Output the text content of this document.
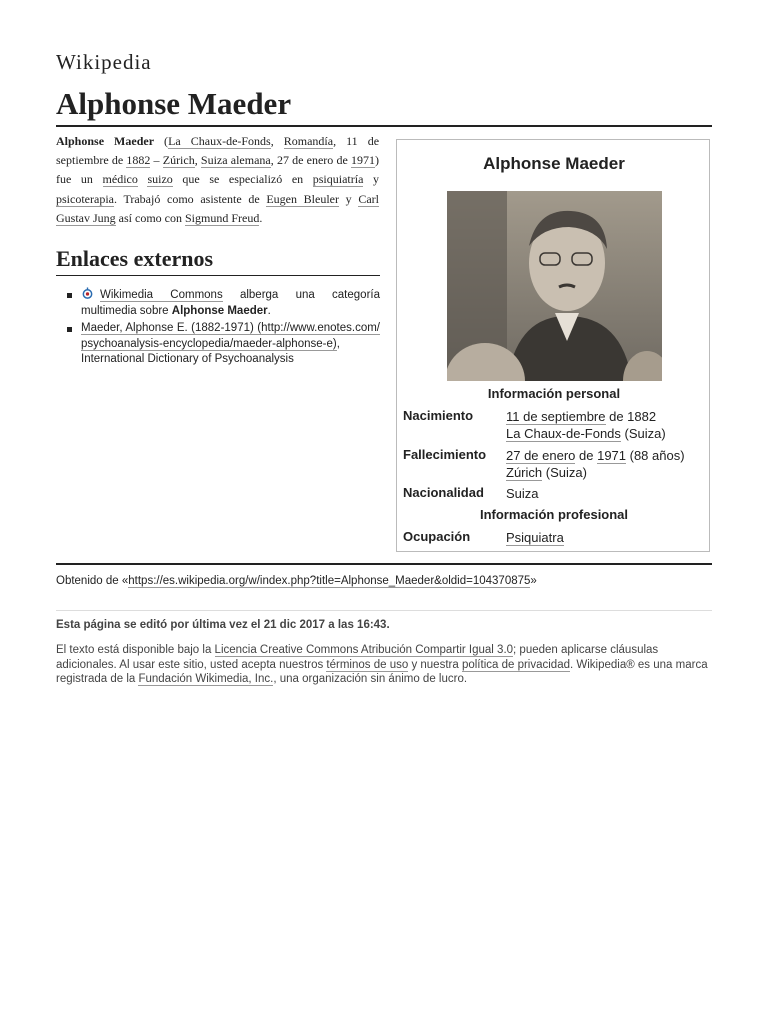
Wikipedia
Alphonse Maeder

Alphonse Maeder (La Chaux-de-Fonds, Romandía, 11 de septiembre de 1882 – Zúrich, Suiza alemana, 27 de enero de 1971) fue un médico suizo que se especializó en psiquiatría y psicoterapia. Trabajó como asistente de Eugen Bleuler y Carl Gustav Jung así como con Sigmund Freud.

Enlaces externos
Wikimedia Commons alberga una categoría multimedia sobre Alphonse Maeder.
Maeder, Alphonse E. (1882-1971) (http://www.enotes.com/psychoanalysis-encyclopedia/maeder-alphonse-e), International Dictionary of Psychoanalysis
Alphonse Maeder
Información personal
Nacimiento	11 de septiembre de 1882
La Chaux-de-Fonds (Suiza)
Fallecimiento 27 de enero de 1971 (88 años)
Zúrich (Suiza)
Nacionalidad Suiza
Información profesional
Ocupación	Psiquiatra
Obtenido de «https://es.wikipedia.org/w/index.php?title=Alphonse_Maeder&oldid=104370875»
Esta página se editó por última vez el 21 dic 2017 a las 16:43.

El texto está disponible bajo la Licencia Creative Commons Atribución Compartir Igual 3.0; pueden aplicarse cláusulas adicionales. Al usar este sitio, usted acepta nuestros términos de uso y nuestra política de privacidad. Wikipedia® es una marca registrada de la Fundación Wikimedia, Inc., una organización sin ánimo de lucro.
